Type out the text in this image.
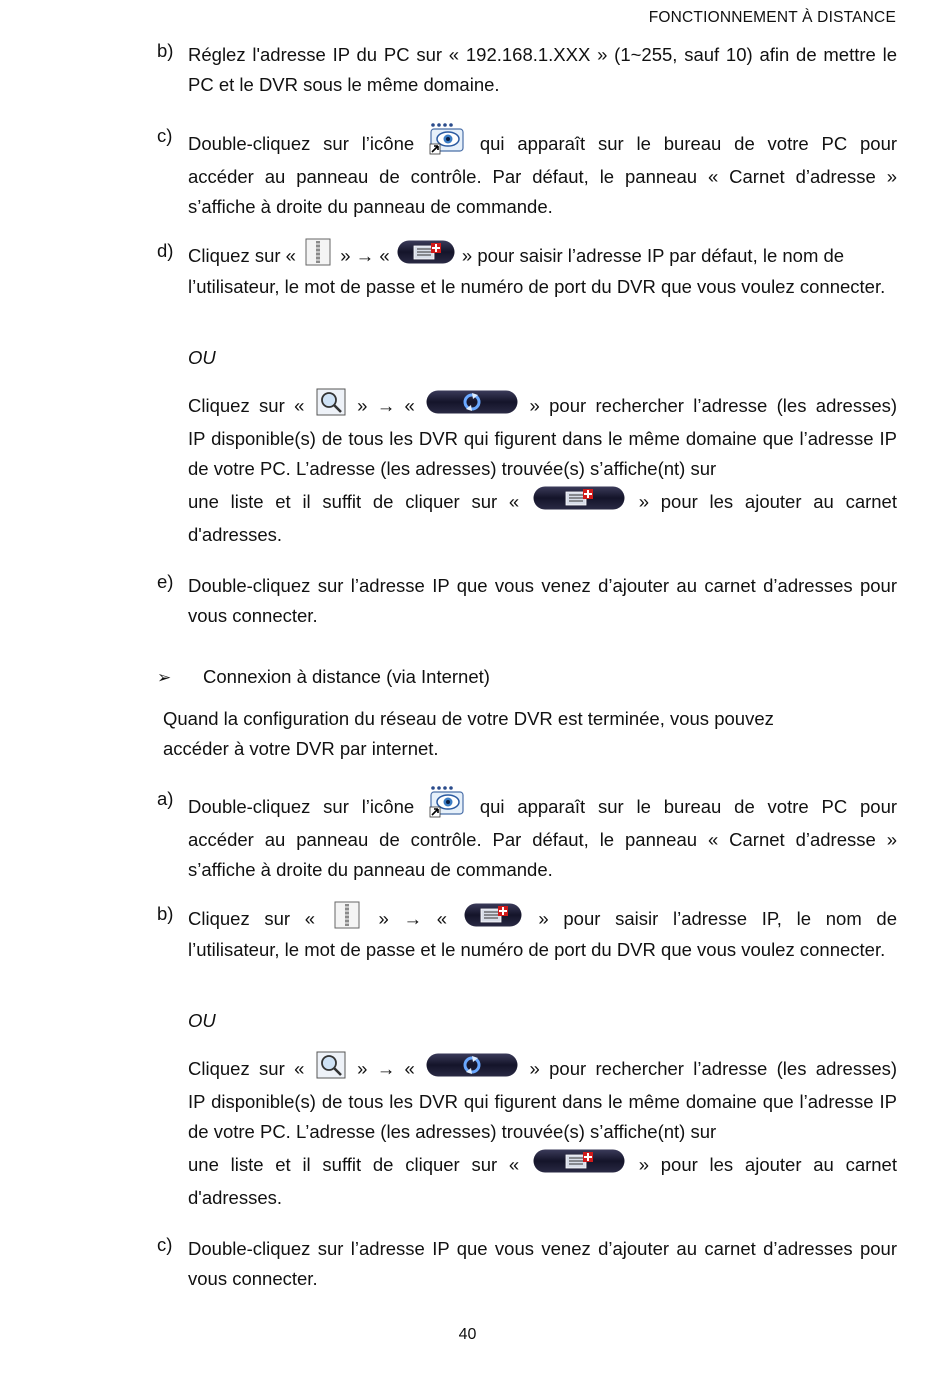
FONCTIONNEMENT À DISTANCE
b) Réglez l'adresse IP du PC sur « 192.168.1.XXX » (1~255, sauf 10) afin de mettre le PC et le DVR sous le même domaine.

c) Double-cliquez sur l’icône	qui apparaît sur le bureau de votre PC pour

accéder au panneau de contrôle. Par défaut, le panneau « Carnet d’adresse » s’affiche à droite du panneau de commande.

d) Cliquez sur « » → «	» pour saisir l’adresse IP par défaut, le nom de

l’utilisateur, le mot de passe et le numéro de port du DVR que vous voulez connecter.

OU

Cliquez sur «	» → «	» pour rechercher l’adresse (les adresses)

IP disponible(s) de tous les DVR qui figurent dans le même domaine que l’adresse IP de votre PC. L’adresse (les adresses) trouvée(s) s’affiche(nt) sur

une liste et il suffit de cliquer sur «	» pour les ajouter au carnet

d'adresses.

e) Double-cliquez sur l’adresse IP que vous venez d’ajouter au carnet d’adresses pour vous connecter.

➢ Connexion à distance (via Internet)
Quand la configuration du réseau de votre DVR est terminée, vous pouvez accéder à votre DVR par internet.
a) Double-cliquez sur l’icône	qui apparaît sur le bureau de votre PC pour

accéder au panneau de contrôle. Par défaut, le panneau « Carnet d’adresse » s’affiche à droite du panneau de commande.

b) Cliquez sur «	» → «	» pour saisir l’adresse IP, le nom de

l’utilisateur, le mot de passe et le numéro de port du DVR que vous voulez connecter.

OU

Cliquez sur «	» → «	» pour rechercher l’adresse (les adresses)

IP disponible(s) de tous les DVR qui figurent dans le même domaine que l’adresse IP de votre PC. L’adresse (les adresses) trouvée(s) s’affiche(nt) sur

une liste et il suffit de cliquer sur «	» pour les ajouter au carnet

d'adresses.

c) Double-cliquez sur l’adresse IP que vous venez d’ajouter au carnet d’adresses pour vous connecter.

40
